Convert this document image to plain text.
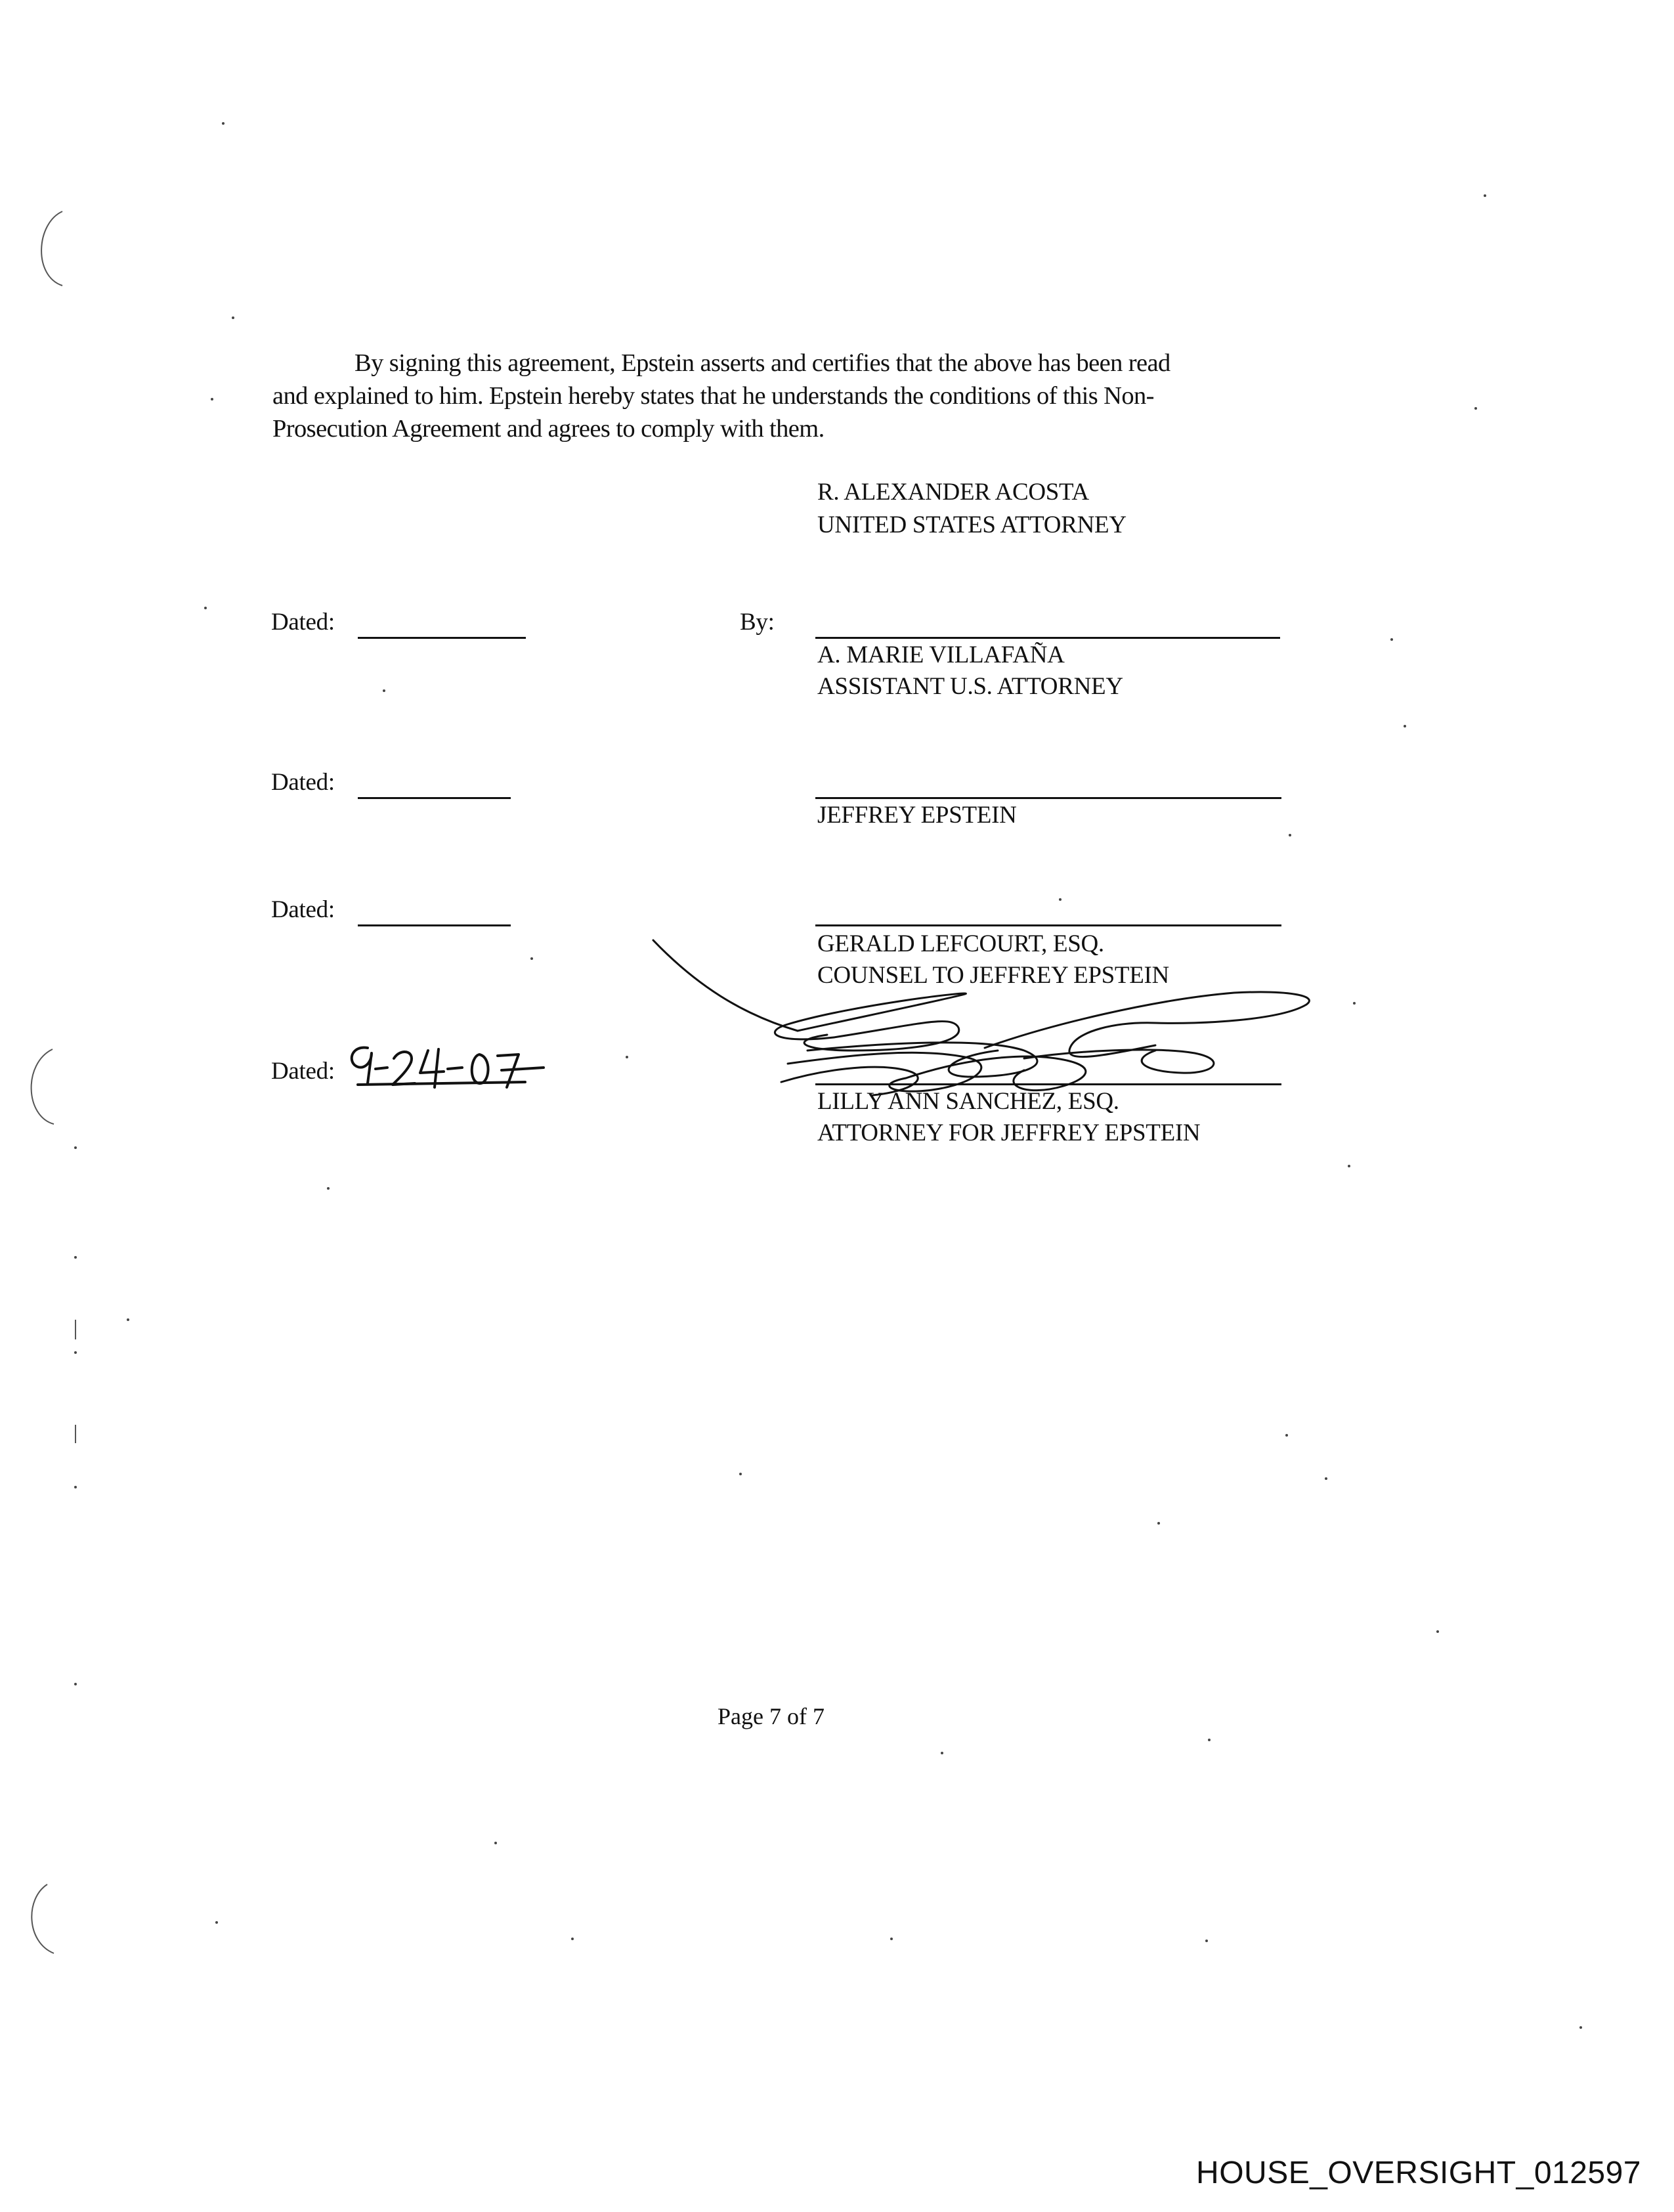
By signing this agreement, Epstein asserts and certifies that the above has been read
and explained to him. Epstein hereby states that he understands the conditions of this Non-
Prosecution Agreement and agrees to comply with them.
R. ALEXANDER ACOSTA
UNITED STATES ATTORNEY
Dated:	By:
A. MARIE VILLAFAÑA
ASSISTANT U.S. ATTORNEY
Dated:
JEFFREY EPSTEIN
Dated:
GERALD LEFCOURT, ESQ.
COUNSEL TO JEFFREY EPSTEIN
Dated:
LILLY ANN SANCHEZ, ESQ.
ATTORNEY FOR JEFFREY EPSTEIN
Page 7 of 7
HOUSE_OVERSIGHT_012597
